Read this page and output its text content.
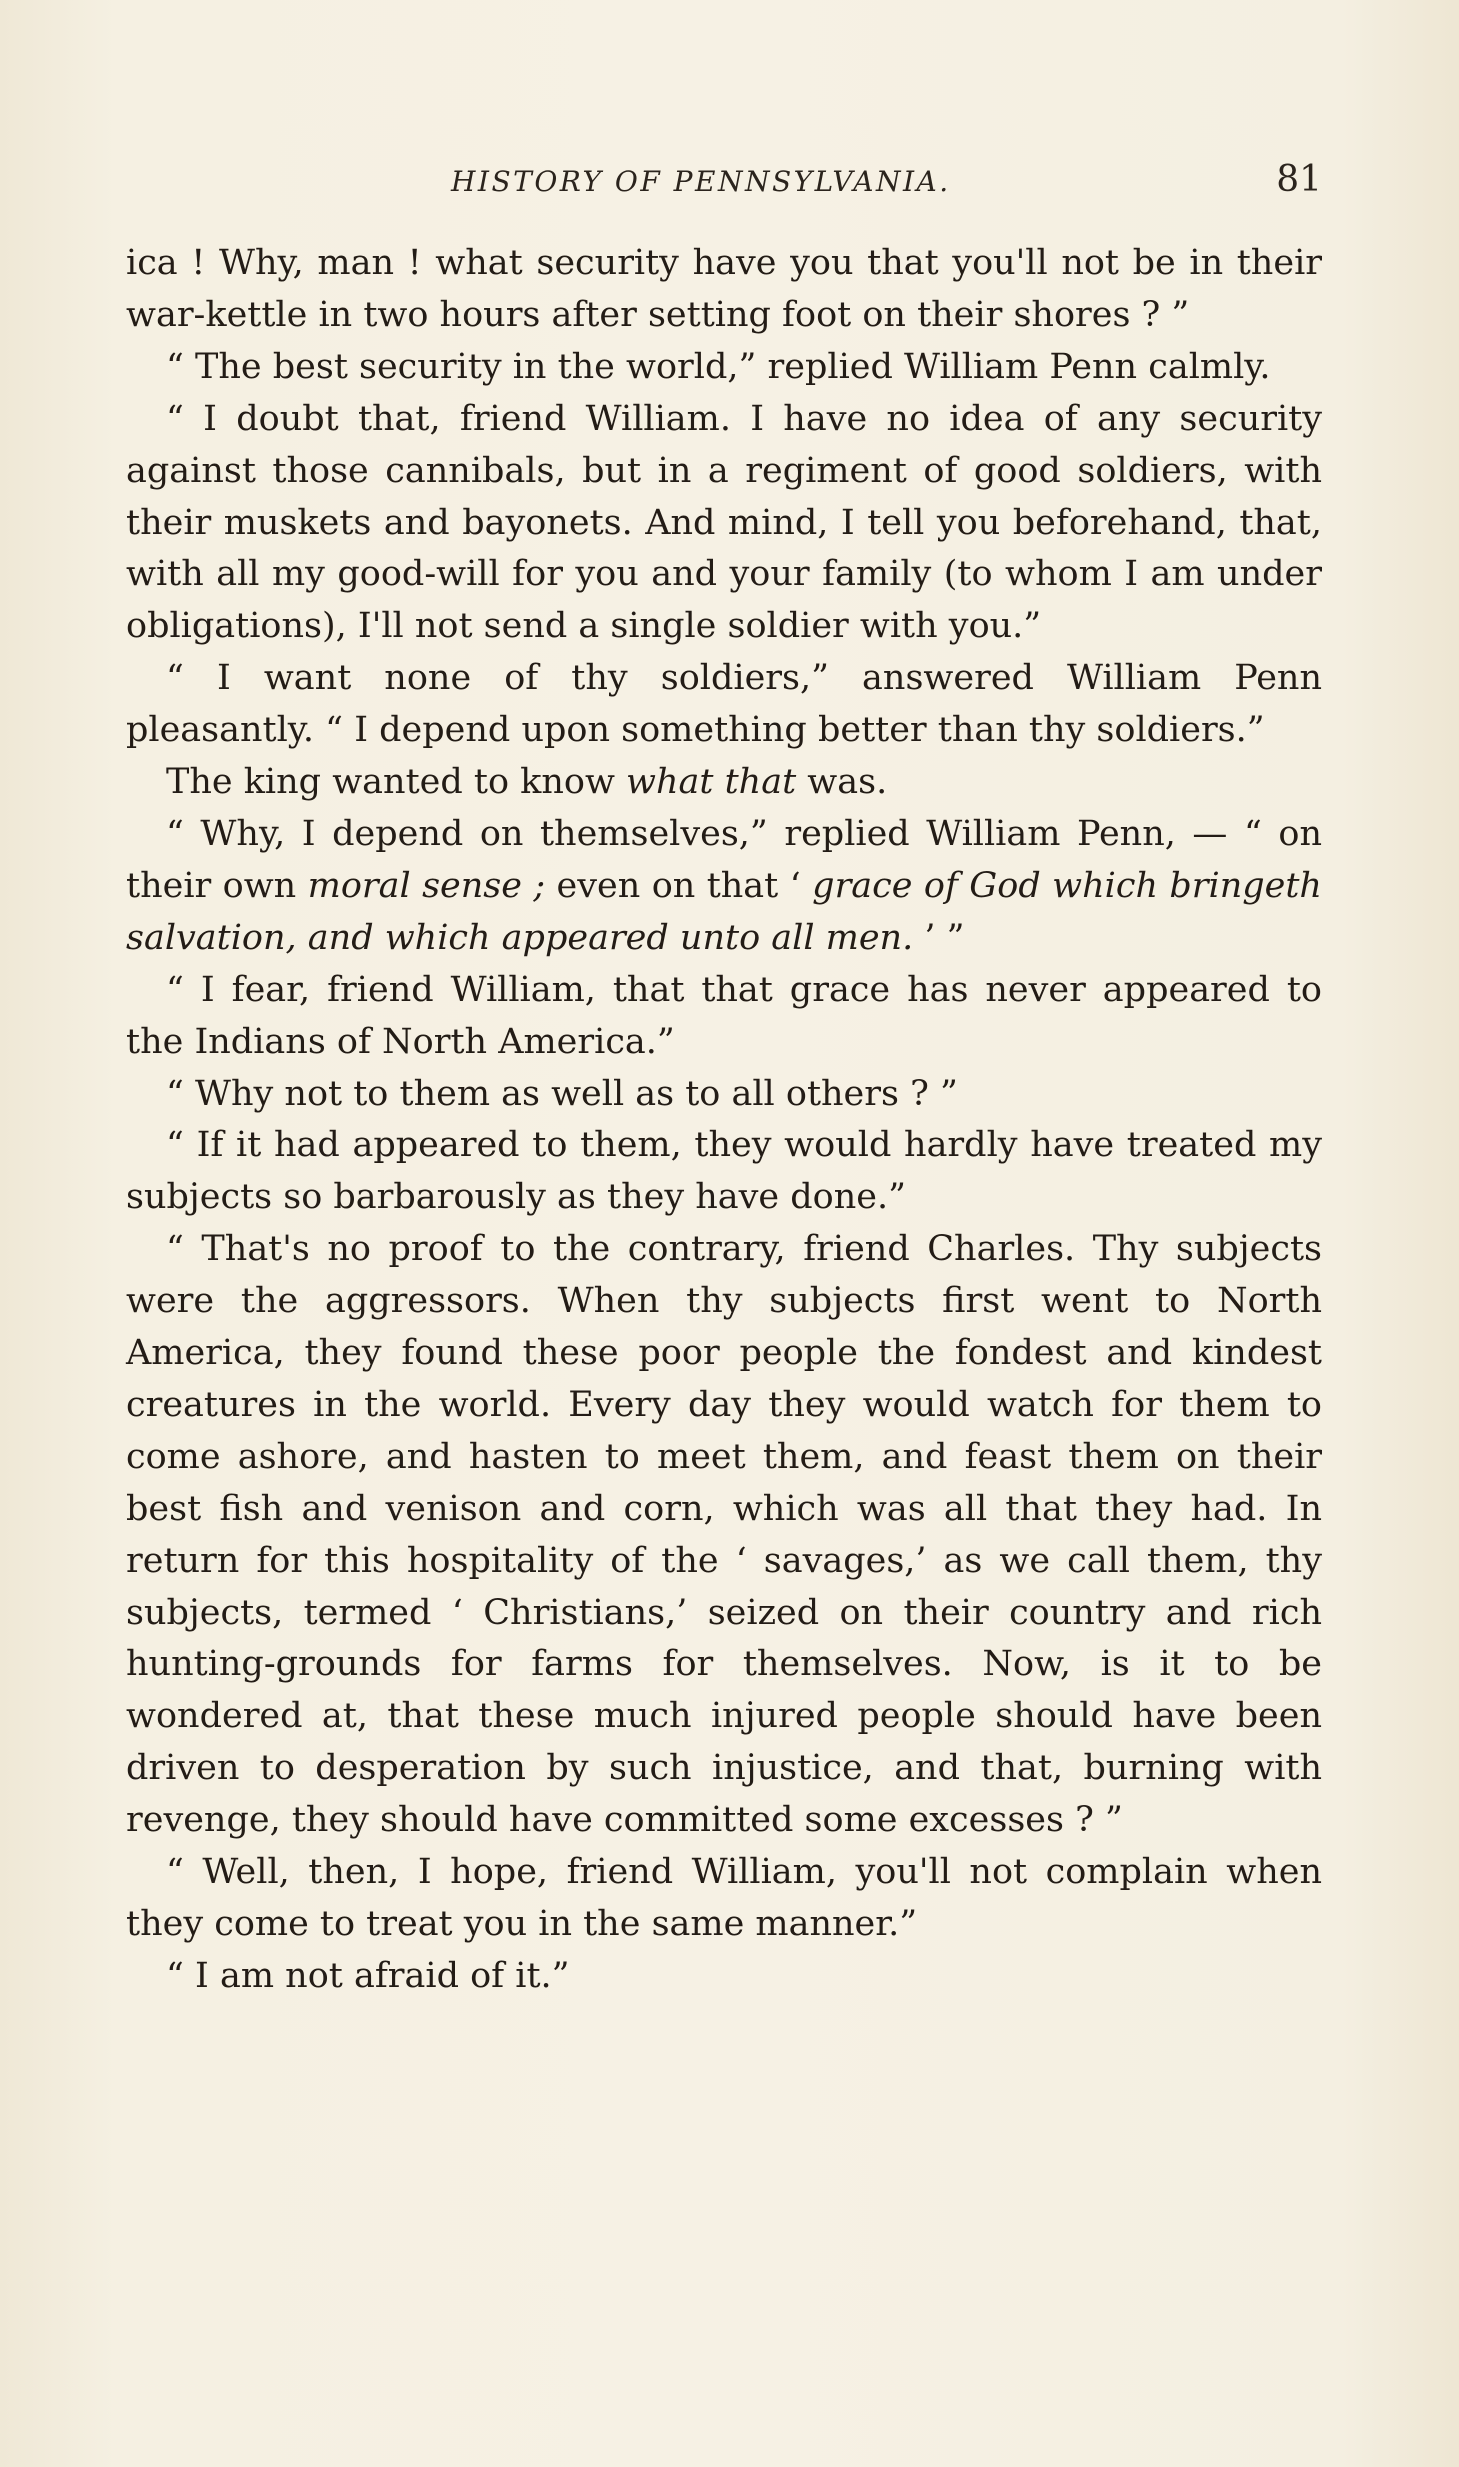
HISTORY OF PENNSYLVANIA.	81

ica ! Why, man ! what security have you that you'll not be in their war-kettle in two hours after setting foot on their shores ? ”

“ The best security in the world,” replied William Penn calmly.

“ I doubt that, friend William. I have no idea of any security against those cannibals, but in a regiment of good soldiers, with their muskets and bayonets. And mind, I tell you beforehand, that, with all my good-will for you and your family (to whom I am under obligations), I'll not send a single soldier with you.”

“ I want none of thy soldiers,” answered William Penn pleasantly. “ I depend upon something better than thy soldiers.”

The king wanted to know what that was.

“ Why, I depend on themselves,” replied William Penn, — “ on their own moral sense ; even on that ‘ grace of God which bringeth salvation, and which appeared unto all men. ’ ”

“ I fear, friend William, that that grace has never appeared to the Indians of North America.”

“ Why not to them as well as to all others ? ”

“ If it had appeared to them, they would hardly have treated my subjects so barbarously as they have done.”

“ That's no proof to the contrary, friend Charles. Thy subjects were the aggressors. When thy subjects first went to North America, they found these poor people the fondest and kindest creatures in the world. Every day they would watch for them to come ashore, and hasten to meet them, and feast them on their best fish and venison and corn, which was all that they had. In return for this hospitality of the ‘ savages,’ as we call them, thy subjects, termed ‘ Christians,’ seized on their country and rich hunting-grounds for farms for themselves. Now, is it to be wondered at, that these much injured people should have been driven to desperation by such injustice, and that, burning with revenge, they should have committed some excesses ? ”

“ Well, then, I hope, friend William, you'll not complain when they come to treat you in the same manner.”

“ I am not afraid of it.”
